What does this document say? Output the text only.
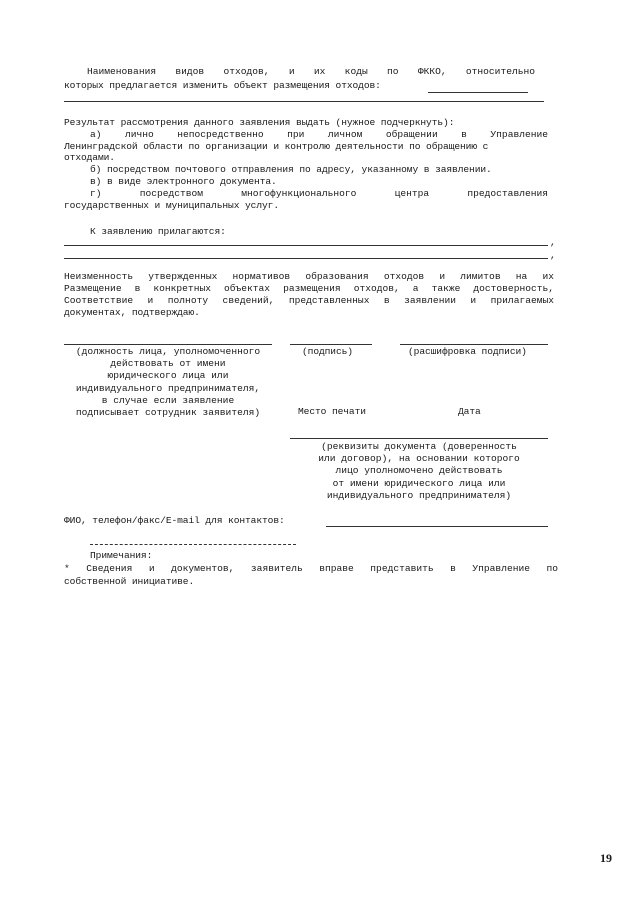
Наименования видов отходов, и их коды по ФККО, относительно
которых предлагается изменить объект размещения отходов:
Результат рассмотрения данного заявления выдать (нужное подчеркнуть):
а) лично непосредственно при личном обращении в Управление
Ленинградской области по организации и контролю деятельности по обращению с
отходами.
б) посредством почтового отправления по адресу, указанному в заявлении.
в) в виде электронного документа.
г) посредством многофункционального центра предоставления
государственных и муниципальных услуг.
К заявлению прилагаются:
,
,
Неизменность утвержденных нормативов образования отходов и лимитов на их
Размещение в конкретных объектах размещения отходов, а также достоверность,
Соответствие и полноту сведений, представленных в заявлении и прилагаемых
документах, подтверждаю.
(должность лица, уполномоченного
действовать от имени
юридического лица или
индивидуального предпринимателя,
в случае если заявление
подписывает сотрудник заявителя)
(подпись)	(расшифровка подписи)
Место печати	Дата
(реквизиты документа (доверенность
или договор), на основании которого
лицо уполномочено действовать
от имени юридического лица или
индивидуального предпринимателя)
ФИО, телефон/факс/E-mail для контактов:
Примечания:
* Сведения и документов, заявитель вправе представить в Управление по
собственной инициативе.
19
